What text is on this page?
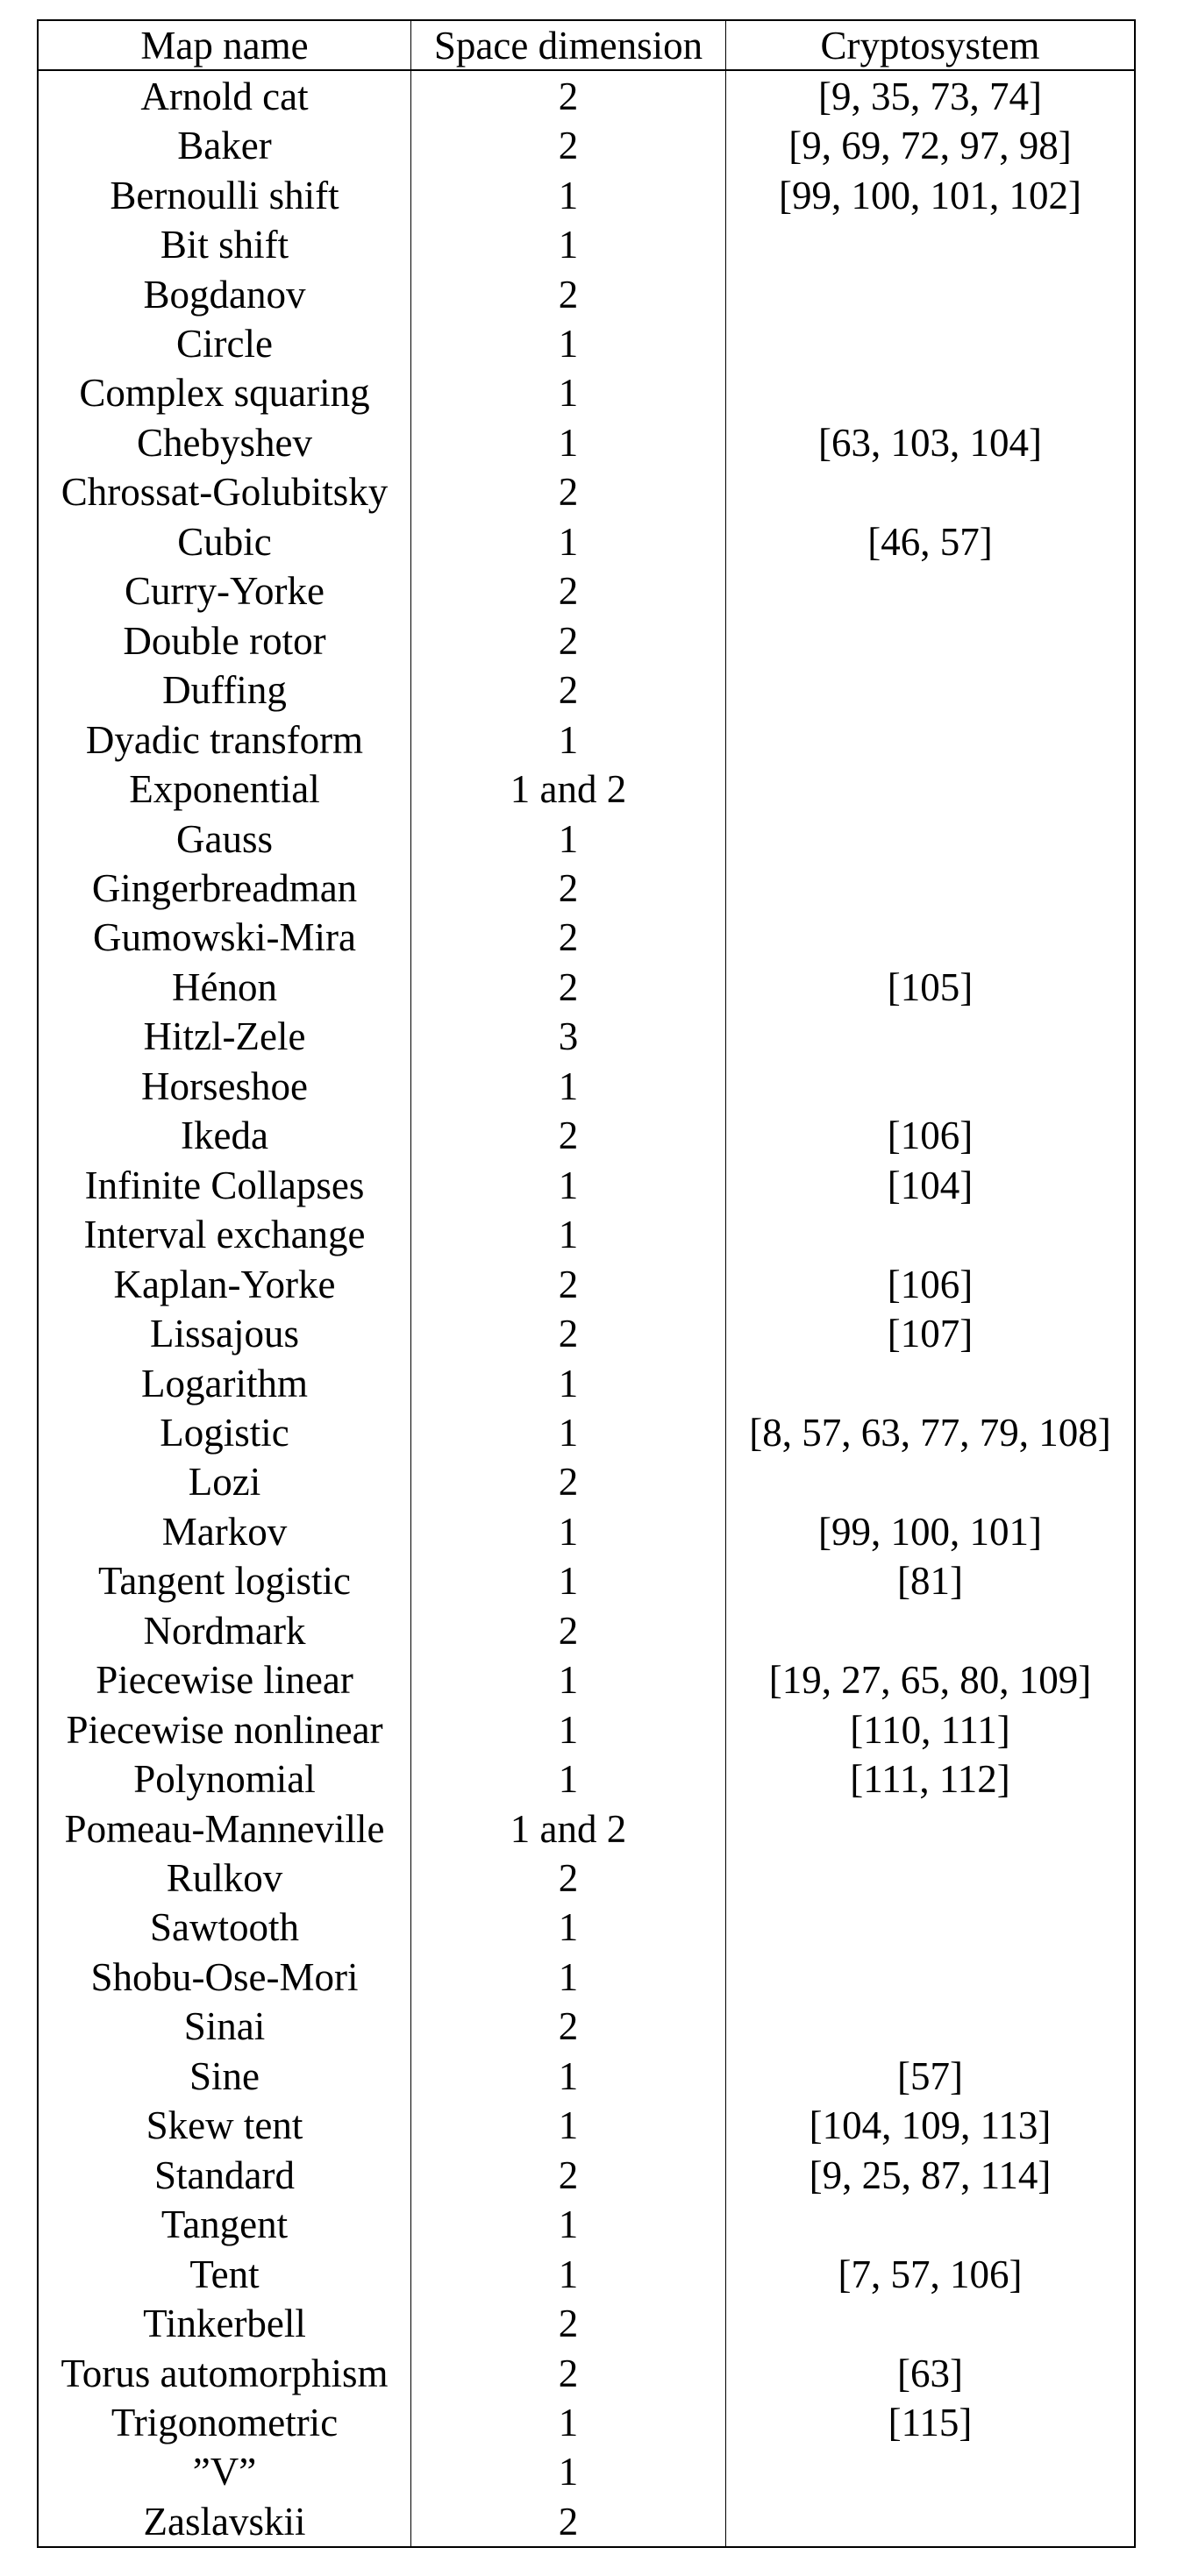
Map name	Space dimension	Cryptosystem
Arnold cat	2	[9, 35, 73, 74]
Baker	2	[9, 69, 72, 97, 98]
Bernoulli shift	1	[99, 100, 101, 102]
Bit shift	1
Bogdanov	2
Circle	1
Complex squaring	1
Chebyshev	1	[63, 103, 104]
Chrossat-Golubitsky	2
Cubic	1	[46, 57]
Curry-Yorke	2
Double rotor	2
Duffing	2
Dyadic transform	1
Exponential	1 and 2
Gauss	1
Gingerbreadman	2
Gumowski-Mira	2
Hénon	2	[105]
Hitzl-Zele	3
Horseshoe	1
Ikeda	2	[106]
Infinite Collapses	1	[104]
Interval exchange	1
Kaplan-Yorke	2	[106]
Lissajous	2	[107]
Logarithm	1
Logistic	1	[8, 57, 63, 77, 79, 108]
Lozi	2
Markov	1	[99, 100, 101]
Tangent logistic	1	[81]
Nordmark	2
Piecewise linear	1	[19, 27, 65, 80, 109]
Piecewise nonlinear	1	[110, 111]
Polynomial	1	[111, 112]
Pomeau-Manneville	1 and 2
Rulkov	2
Sawtooth	1
Shobu-Ose-Mori	1
Sinai	2
Sine	1	[57]
Skew tent	1	[104, 109, 113]
Standard	2	[9, 25, 87, 114]
Tangent	1
Tent	1	[7, 57, 106]
Tinkerbell	2
Torus automorphism	2	[63]
Trigonometric	1	[115]
”V”	1
Zaslavskii	2
